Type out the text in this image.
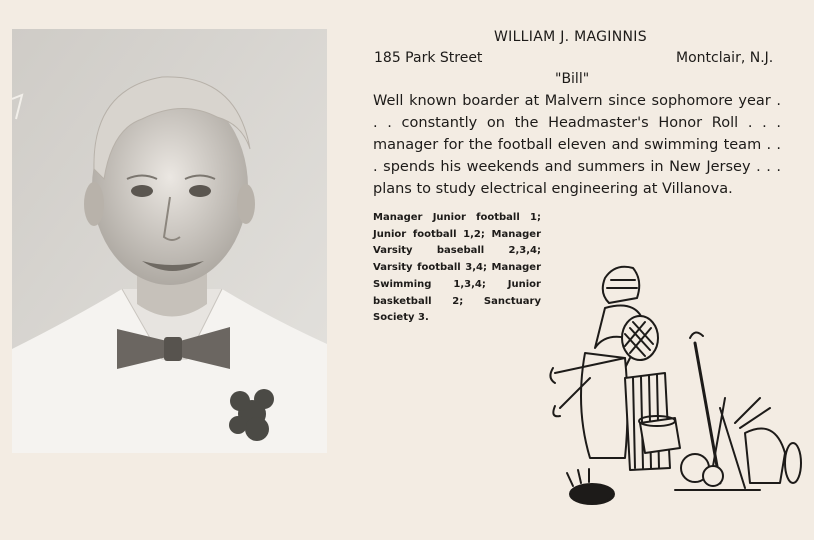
WILLIAM J. MAGINNIS
185 Park Street	Montclair, N.J.
"Bill"

Well known boarder at Malvern since sophomore year . . . constantly on the Headmaster's Honor Roll . . . manager for the football eleven and swimming team . . . spends his weekends and summers in New Jersey . . . plans to study electrical engineering at Villanova.

Manager Junior football 1; Junior football 1,2; Manager Varsity baseball 2,3,4; Varsity football 3,4; Manager Swimming 1,3,4; Junior basketball 2; Sanctuary Society 3.
